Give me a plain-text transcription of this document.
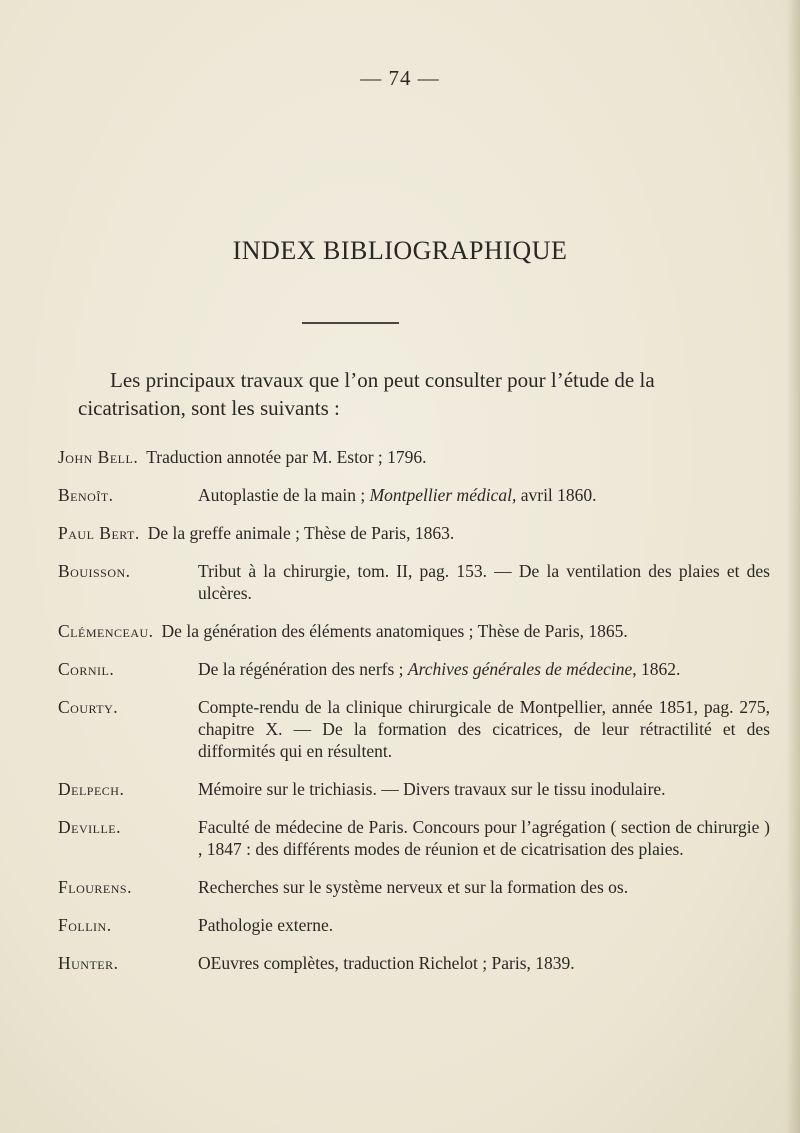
— 74 —
INDEX BIBLIOGRAPHIQUE
Les principaux travaux que l’on peut consulter pour l’étude de la cicatrisation, sont les suivants :
John Bell. Traduction annotée par M. Estor ; 1796.
Benoît.	Autoplastie de la main ; Montpellier médical, avril 1860.
Paul Bert. De la greffe animale ; Thèse de Paris, 1863.
Bouisson.	Tribut à la chirurgie, tom. II, pag. 153. — De la ventilation des plaies et des ulcères.
Clémenceau. De la génération des éléments anatomiques ; Thèse de Paris, 1865.
Cornil.	De la régénération des nerfs ; Archives générales de médecine, 1862.
Courty.	Compte-rendu de la clinique chirurgicale de Montpellier, année 1851, pag. 275, chapitre X. — De la formation des cicatrices, de leur rétractilité et des difformités qui en résultent.
Delpech.	Mémoire sur le trichiasis. — Divers travaux sur le tissu inodulaire.
Deville.	Faculté de médecine de Paris. Concours pour l’agrégation ( section de chirurgie ) , 1847 : des différents modes de réunion et de cicatrisation des plaies.
Flourens.	Recherches sur le système nerveux et sur la formation des os.
Follin.	Pathologie externe.
Hunter.	OEuvres complètes, traduction Richelot ; Paris, 1839.
